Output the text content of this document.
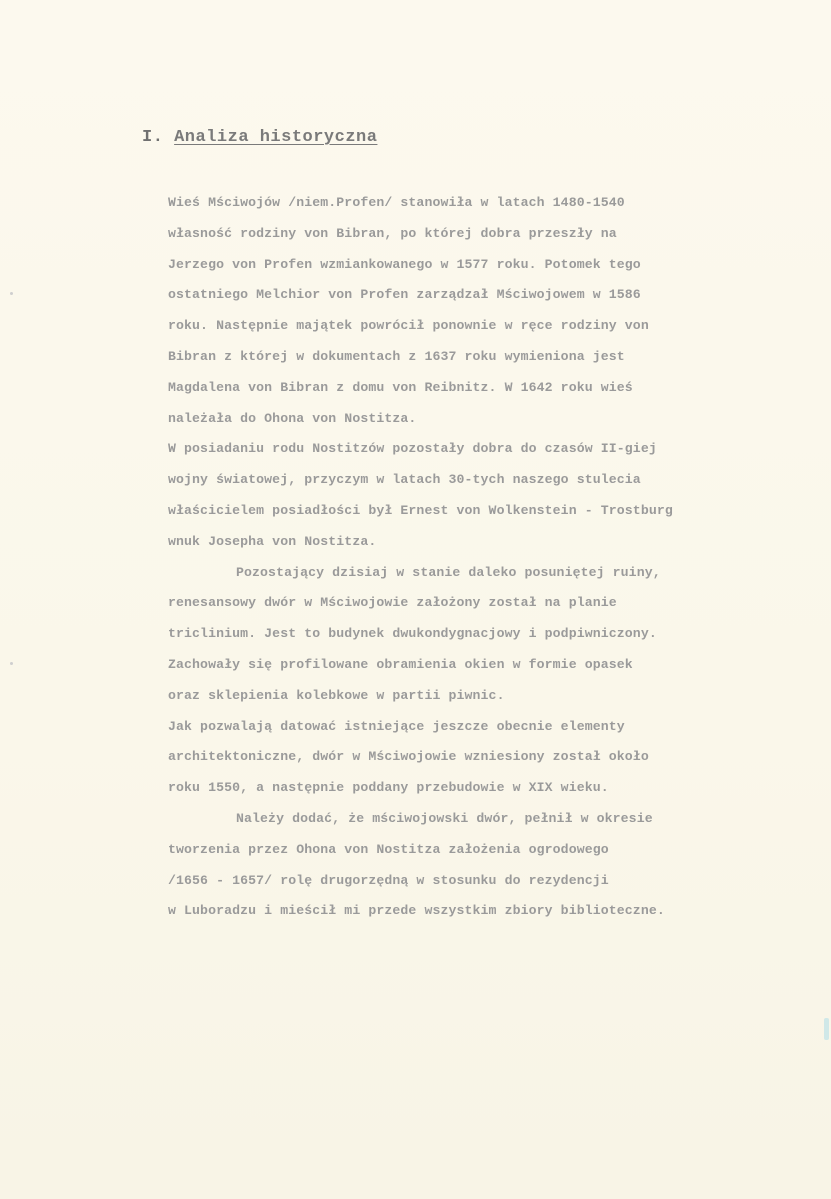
I. Analiza historyczna
Wieś Mściwojów /niem.Profen/ stanowiła w latach 1480-1540
własność rodziny von Bibran, po której dobra przeszły na
Jerzego von Profen wzmiankowanego w 1577 roku. Potomek tego
ostatniego Melchior von Profen zarządzał Mściwojowem w 1586
roku. Następnie majątek powrócił ponownie w ręce rodziny von
Bibran z której w dokumentach z 1637 roku wymieniona jest
Magdalena von Bibran z domu von Reibnitz. W 1642 roku wieś
należała do Ohona von Nostitza.
W posiadaniu rodu Nostitzów pozostały dobra do czasów II-giej
wojny światowej, przyczym w latach 30-tych naszego stulecia
właścicielem posiadłości był Ernest von Wolkenstein - Trostburg
wnuk Josepha von Nostitza.
Pozostający dzisiaj w stanie daleko posuniętej ruiny,
renesansowy dwór w Mściwojowie założony został na planie
triclinium. Jest to budynek dwukondygnacjowy i podpiwniczony.
Zachowały się profilowane obramienia okien w formie opasek
oraz sklepienia kolebkowe w partii piwnic.
Jak pozwalają datować istniejące jeszcze obecnie elementy
architektoniczne, dwór w Mściwojowie wzniesiony został około
roku 1550, a następnie poddany przebudowie w XIX wieku.
Należy dodać, że mściwojowski dwór, pełnił w okresie
tworzenia przez Ohona von Nostitza założenia ogrodowego
/1656 - 1657/ rolę drugorzędną w stosunku do rezydencji
w Luboradzu i mieścił mi przede wszystkim zbiory biblioteczne.
